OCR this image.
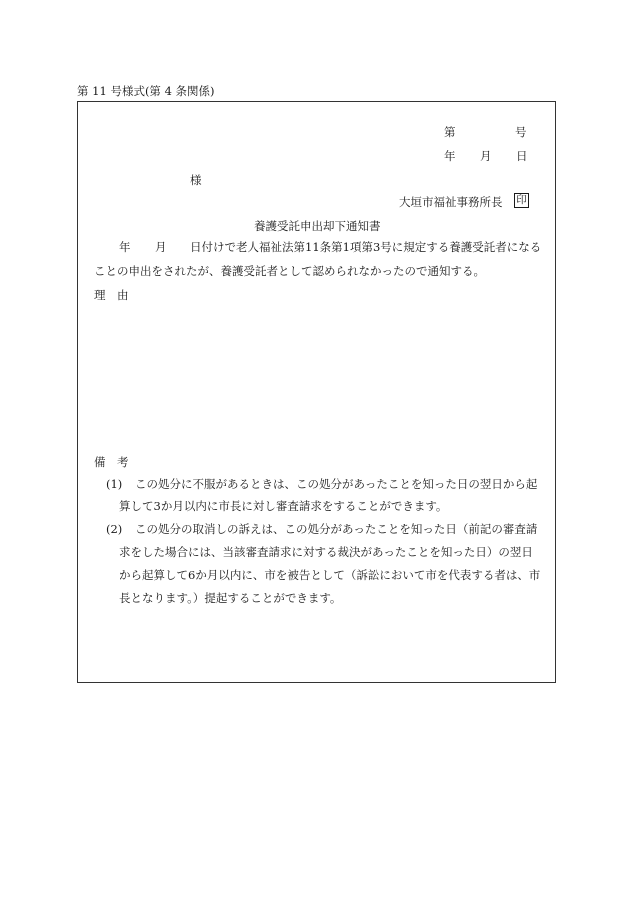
第 11 号様式(第 4 条関係)
第	号
年 月 日
様
大垣市福祉事務所長 印
養護受託申出却下通知書
年 月 日付けで老人福祉法第11条第1項第3号に規定する養護受託者になる
ことの申出をされたが、養護受託者として認められなかったので通知する。
理　由
備　考
(1) この処分に不服があるときは、この処分があったことを知った日の翌日から起
算して3か月以内に市長に対し審査請求をすることができます。
(2) この処分の取消しの訴えは、この処分があったことを知った日（前記の審査請
求をした場合には、当該審査請求に対する裁決があったことを知った日）の翌日
から起算して6か月以内に、市を被告として（訴訟において市を代表する者は、市
長となります。）提起することができます。
